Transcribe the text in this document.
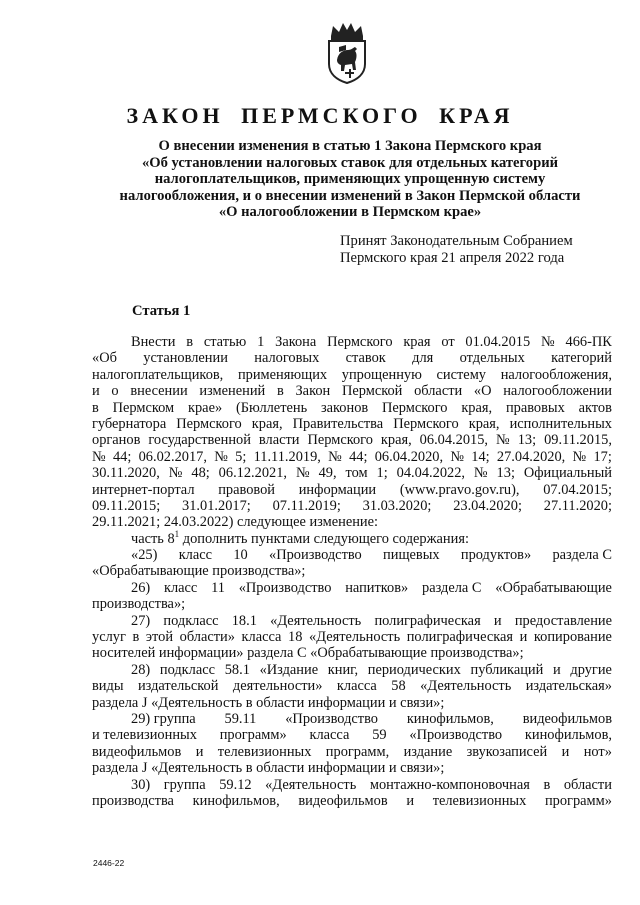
ЗАКОН ПЕРМСКОГО КРАЯ
О внесении изменения в статью 1 Закона Пермского края
«Об установлении налоговых ставок для отдельных категорий
налогоплательщиков, применяющих упрощенную систему
налогообложения, и о внесении изменений в Закон Пермской области
«О налогообложении в Пермском крае»
Принят Законодательным Собранием
Пермского края 21 апреля 2022 года
Статья 1
Внести в статью 1 Закона Пермского края от 01.04.2015 № 466-ПК
«Об установлении налоговых ставок для отдельных категорий
налогоплательщиков, применяющих упрощенную систему налогообложения,
и о внесении изменений в Закон Пермской области «О налогообложении
в Пермском крае» (Бюллетень законов Пермского края, правовых актов
губернатора Пермского края, Правительства Пермского края, исполнительных
органов государственной власти Пермского края, 06.04.2015, № 13; 09.11.2015,
№ 44; 06.02.2017, № 5; 11.11.2019, № 44; 06.04.2020, № 14; 27.04.2020, № 17;
30.11.2020, № 48; 06.12.2021, № 49, том 1; 04.04.2022, № 13; Официальный
интернет-портал правовой информации (www.pravo.gov.ru), 07.04.2015;
09.11.2015; 31.01.2017; 07.11.2019; 31.03.2020; 23.04.2020; 27.11.2020;
29.11.2021; 24.03.2022) следующее изменение:
часть $8^1$ дополнить пунктами следующего содержания:
«25) класс 10 «Производство пищевых продуктов» раздела С
«Обрабатывающие производства»;
26) класс 11 «Производство напитков» раздела С «Обрабатывающие
производства»;
27) подкласс 18.1 «Деятельность полиграфическая и предоставление
услуг в этой области» класса 18 «Деятельность полиграфическая и копирование
носителей информации» раздела С «Обрабатывающие производства»;
28) подкласс 58.1 «Издание книг, периодических публикаций и другие
виды издательской деятельности» класса 58 «Деятельность издательская»
раздела J «Деятельность в области информации и связи»;
29) группа 59.11 «Производство кинофильмов, видеофильмов
и телевизионных программ» класса 59 «Производство кинофильмов,
видеофильмов и телевизионных программ, издание звукозаписей и нот»
раздела J «Деятельность в области информации и связи»;
30) группа 59.12 «Деятельность монтажно-компоновочная в области
производства кинофильмов, видеофильмов и телевизионных программ»
2446-22
